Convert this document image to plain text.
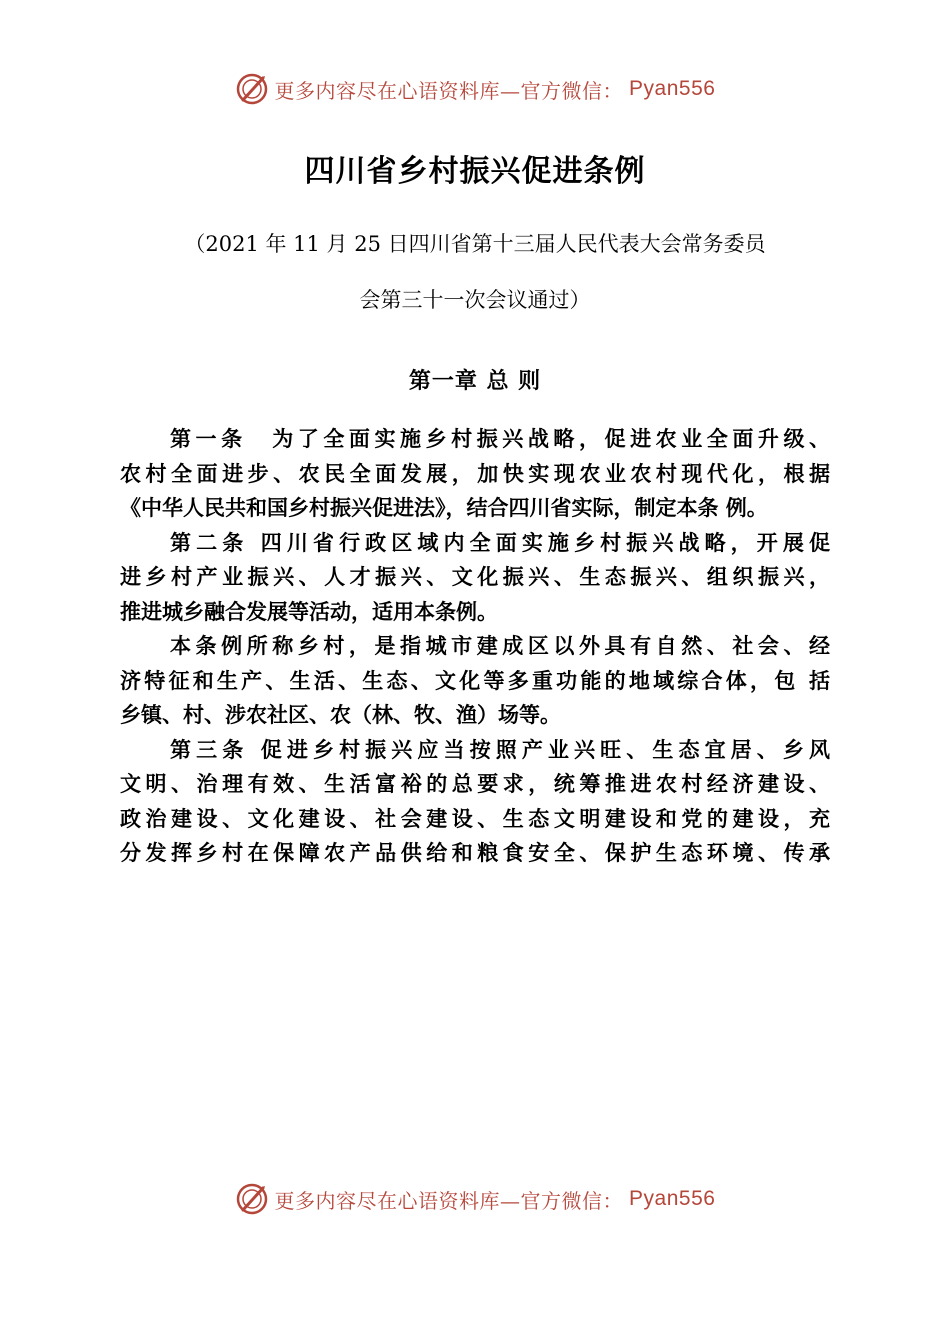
更多内容尽在心语资料库—官方微信： Pyan556
四川省乡村振兴促进条例
（2021 年 11 月 25 日四川省第十三届人民代表大会常务委员
会第三十一次会议通过）
第一章 总 则
第一条　为了全面实施乡村振兴战略，促进农业全面升级、
农村全面进步、农民全面发展，加快实现农业农村现代化，根据
《中华人民共和国乡村振兴促进法》，结合四川省实际，制定本条 例。
第二条 四川省行政区域内全面实施乡村振兴战略，开展促
进乡村产业振兴、人才振兴、文化振兴、生态振兴、组织振兴，
推进城乡融合发展等活动，适用本条例。
本条例所称乡村，是指城市建成区以外具有自然、社会、经
济特征和生产、生活、生态、文化等多重功能的地域综合体，包 括
乡镇、村、涉农社区、农（林、牧、渔）场等。
第三条 促进乡村振兴应当按照产业兴旺、生态宜居、乡风
文明、治理有效、生活富裕的总要求，统筹推进农村经济建设、
政治建设、文化建设、社会建设、生态文明建设和党的建设，充
分发挥乡村在保障农产品供给和粮食安全、保护生态环境、传承
更多内容尽在心语资料库—官方微信： Pyan556
